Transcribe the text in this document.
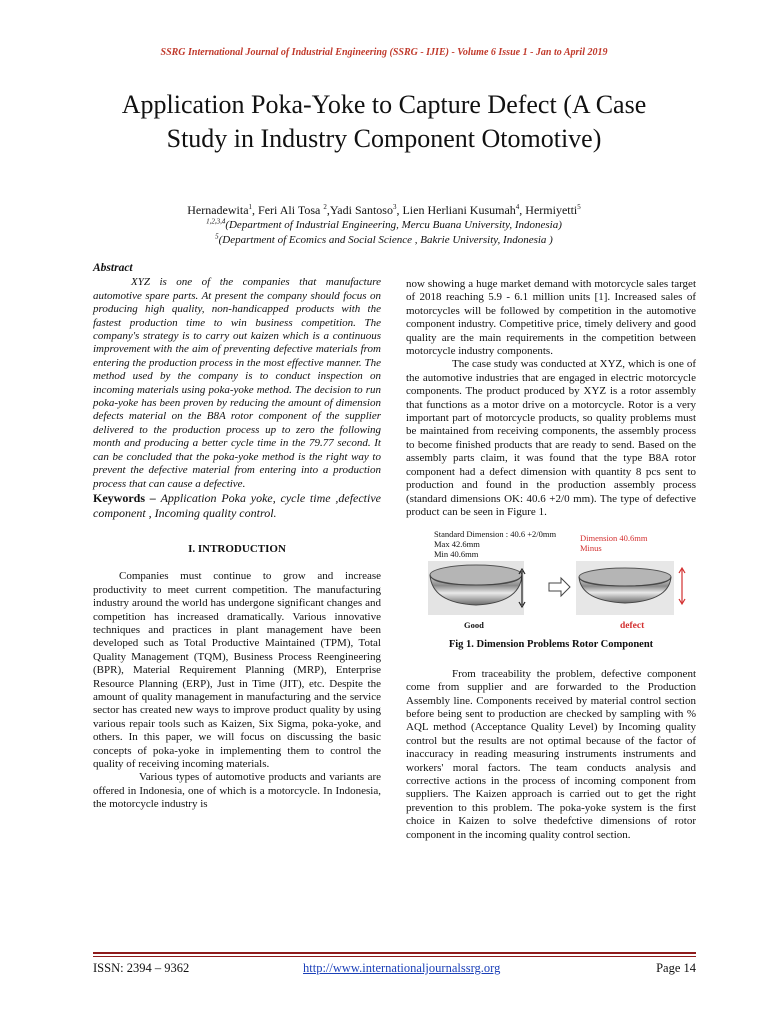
SSRG International Journal of Industrial Engineering (SSRG - IJIE) - Volume 6 Issue 1 - Jan to April 2019
Application Poka-Yoke to Capture Defect (A Case Study in Industry Component Otomotive)
Hernadewita$^1$, Feri Ali Tosa $^2$,Yadi Santoso$^3$, Lien Herliani Kusumah$^4$, Hermiyetti$^5$
$^{1,2,3,4}$(Department of Industrial Engineering, Mercu Buana University, Indonesia)
$^5$(Department of Ecomics and Social Science , Bakrie University, Indonesia )
Abstract

XYZ is one of the companies that manufacture automotive spare parts. At present the company should focus on producing high quality, non-handicapped products with the fastest production time to win business competition. The company's strategy is to carry out kaizen which is a continuous improvement with the aim of preventing defective materials from entering the production process in the most effective manner. The method used by the company is to conduct inspection on incoming materials using poka-yoke method. The decision to run poka-yoke has been proven by reducing the amount of dimension defects material on the B8A rotor component of the supplier delivered to the production process up to zero the following month and producing a better cycle time in the 79.77 second. It can be concluded that the poka-yoke method is the right way to prevent the defective material from entering into a production process that can cause a defective.

Keywords – Application Poka yoke, cycle time ,defective component , Incoming quality control.

I. INTRODUCTION

Companies must continue to grow and increase productivity to meet current competition. The manufacturing industry around the world has undergone significant changes and competition has increased dramatically. Various innovative techniques and practices in plant management have been developed such as Total Productive Maintained (TPM), Total Quality Management (TQM), Business Process Reengineering (BPR), Material Requirement Planning (MRP), Enterprise Resource Planning (ERP), Just in Time (JIT), etc. Despite the amount of quality management in manufacturing and the service sector has created new ways to improve product quality by using various repair tools such as Kaizen, Six Sigma, poka-yoke, and others. In this paper, we will focus on discussing the basic concepts of poka-yoke in implementing them to control the quality of receiving incoming materials.

Various types of automotive products and variants are offered in Indonesia, one of which is a motorcycle. In Indonesia, the motorcycle industry is

now showing a huge market demand with motorcycle sales target of 2018 reaching 5.9 - 6.1 million units [1]. Increased sales of motorcycles will be followed by competition in the automotive component industry. Competitive price, timely delivery and good quality are the main requirements in the competition between motorcycle industry components.

The case study was conducted at XYZ, which is one of the automotive industries that are engaged in electric motorcycle components. The product produced by XYZ is a rotor assembly that functions as a motor drive on a motorcycle. Rotor is a very important part of motorcycle products, so quality problems must be maintained from receiving components, the assembly process to become finished products that are ready to send. Based on the assembly parts claim, it was found that the type B8A rotor component had a defect dimension with quantity 8 pcs sent to production and found in the production assembly process (standard dimensions OK: 40.6 +2/0 mm). The type of defective product can be seen in Figure 1.

Standard Dimension : 40.6 +2/0mm
Max 42.6mm
Min 40.6mm
Dimension 40.6mm
Minus
Good	defect
Fig 1. Dimension Problems Rotor Component

From traceability the problem, defective component come from supplier and are forwarded to the Production Assembly line. Components received by material control section before being sent to production are checked by sampling with % AQL method (Acceptance Quality Level) by Incoming quality control but the results are not optimal because of the factor of inaccuracy in reading measuring instruments instruments and workers' moral factors. The team conducts analysis and corrective actions in the process of incoming component from suppliers. The Kaizen approach is carried out to get the right prevention to this problem. The poka-yoke system is the first choice in Kaizen to solve thedefctive dimensions of rotor component in the incoming quality control section.

ISSN: 2394 – 9362	http://www.internationaljournalssrg.org	Page 14
